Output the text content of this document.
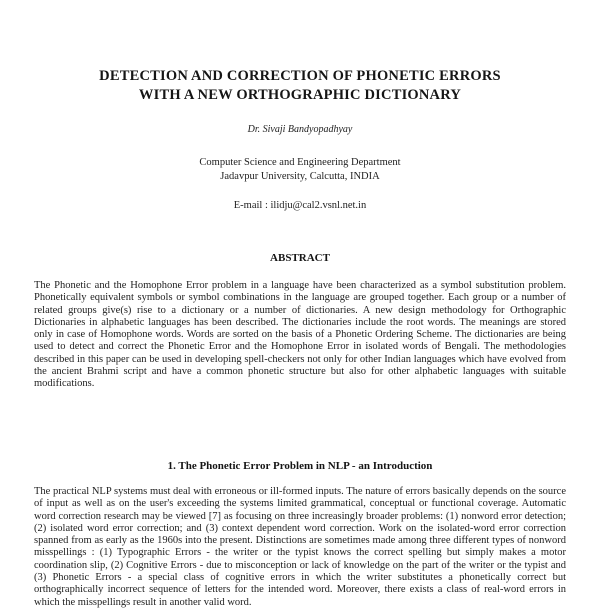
DETECTION AND CORRECTION OF PHONETIC ERRORS
WITH A NEW ORTHOGRAPHIC DICTIONARY
Dr. Sivaji Bandyopadhyay
Computer Science and Engineering Department
Jadavpur University, Calcutta, INDIA
E-mail : ilidju@cal2.vsnl.net.in
ABSTRACT
The Phonetic and the Homophone Error problem in a language have been characterized as a symbol substitution problem. Phonetically equivalent symbols or symbol combinations in the language are grouped together. Each group or a number of related groups give(s) rise to a dictionary or a number of dictionaries. A new design methodology for Orthographic Dictionaries in alphabetic languages has been described. The dictionaries include the root words. The meanings are stored only in case of Homophone words. Words are sorted on the basis of a Phonetic Ordering Scheme. The dictionaries are being used to detect and correct the Phonetic Error and the Homophone Error in isolated words of Bengali. The methodologies described in this paper can be used in developing spell-checkers not only for other Indian languages which have evolved from the ancient Brahmi script and have a common phonetic structure but also for other alphabetic languages with suitable modifications.
1. The Phonetic Error Problem in NLP - an Introduction
The practical NLP systems must deal with erroneous or ill-formed inputs. The nature of errors basically depends on the source of input as well as on the user's exceeding the systems limited grammatical, conceptual or functional coverage. Automatic word correction research may be viewed [7] as focusing on three increasingly broader problems: (1) nonword error detection; (2) isolated word error correction; and (3) context dependent word correction. Work on the isolated-word error correction spanned from as early as the 1960s into the present. Distinctions are sometimes made among three different types of nonword misspellings : (1) Typographic Errors - the writer or the typist knows the correct spelling but simply makes a motor coordination slip, (2) Cognitive Errors - due to misconception or lack of knowledge on the part of the writer or the typist and (3) Phonetic Errors - a special class of cognitive errors in which the writer substitutes a phonetically correct but orthographically incorrect sequence of letters for the intended word. Moreover, there exists a class of real-word errors in which the misspellings result in another valid word.
